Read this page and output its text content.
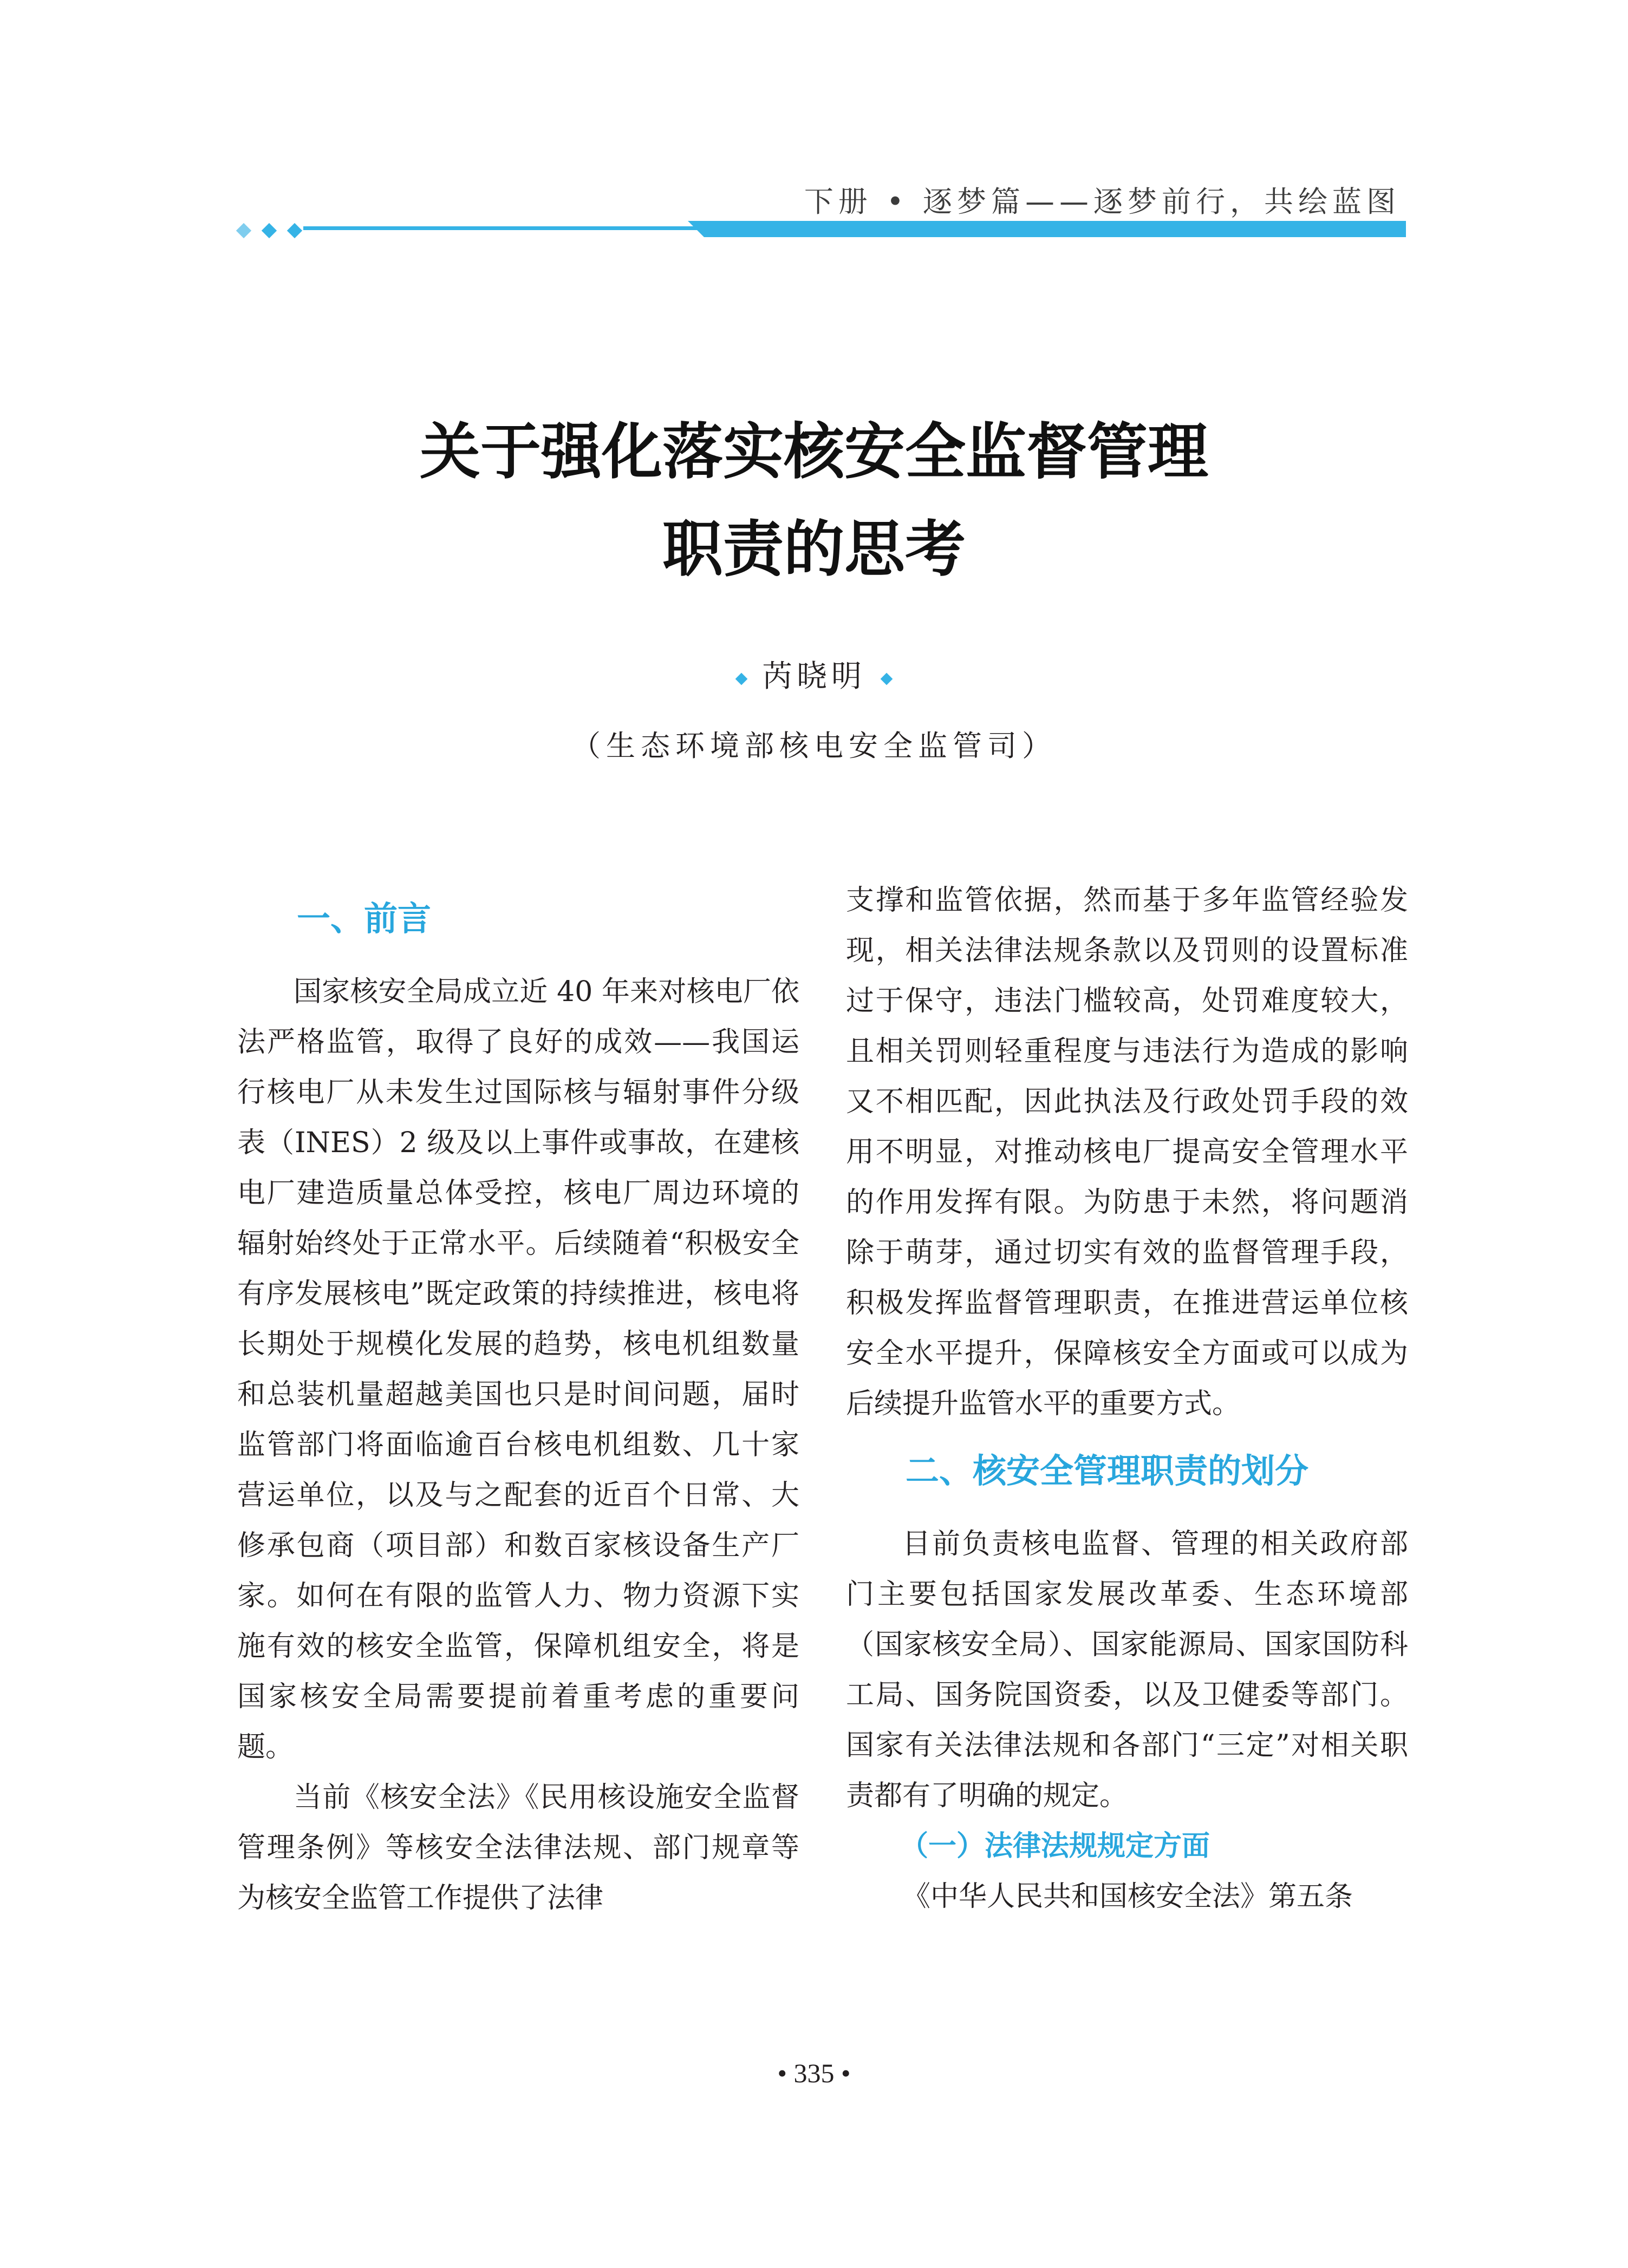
下册 • 逐梦篇——逐梦前行，共绘蓝图

关于强化落实核安全监督管理
职责的思考
芮晓明
（生态环境部核电安全监管司）
一、前言

国家核安全局成立近 40 年来对核电厂依法严格监管，取得了良好的成效——我国运行核电厂从未发生过国际核与辐射事件分级表（INES）2 级及以上事件或事故，在建核电厂建造质量总体受控，核电厂周边环境的辐射始终处于正常水平。后续随着“积极安全有序发展核电”既定政策的持续推进，核电将长期处于规模化发展的趋势，核电机组数量和总装机量超越美国也只是时间问题，届时监管部门将面临逾百台核电机组数、几十家营运单位，以及与之配套的近百个日常、大修承包商（项目部）和数百家核设备生产厂家。如何在有限的监管人力、物力资源下实施有效的核安全监管，保障机组安全，将是国家核安全局需要提前着重考虑的重要问题。

当前《核安全法》《民用核设施安全监督管理条例》等核安全法律法规、部门规章等为核安全监管工作提供了法律

支撑和监管依据，然而基于多年监管经验发现，相关法律法规条款以及罚则的设置标准过于保守，违法门槛较高，处罚难度较大，且相关罚则轻重程度与违法行为造成的影响又不相匹配，因此执法及行政处罚手段的效用不明显，对推动核电厂提高安全管理水平的作用发挥有限。为防患于未然，将问题消除于萌芽，通过切实有效的监督管理手段，积极发挥监督管理职责，在推进营运单位核安全水平提升，保障核安全方面或可以成为后续提升监管水平的重要方式。

二、核安全管理职责的划分

目前负责核电监督、管理的相关政府部门主要包括国家发展改革委、生态环境部（国家核安全局）、国家能源局、国家国防科工局、国务院国资委，以及卫健委等部门。国家有关法律法规和各部门“三定”对相关职责都有了明确的规定。

（一）法律法规规定方面

《中华人民共和国核安全法》第五条

• 335 •
